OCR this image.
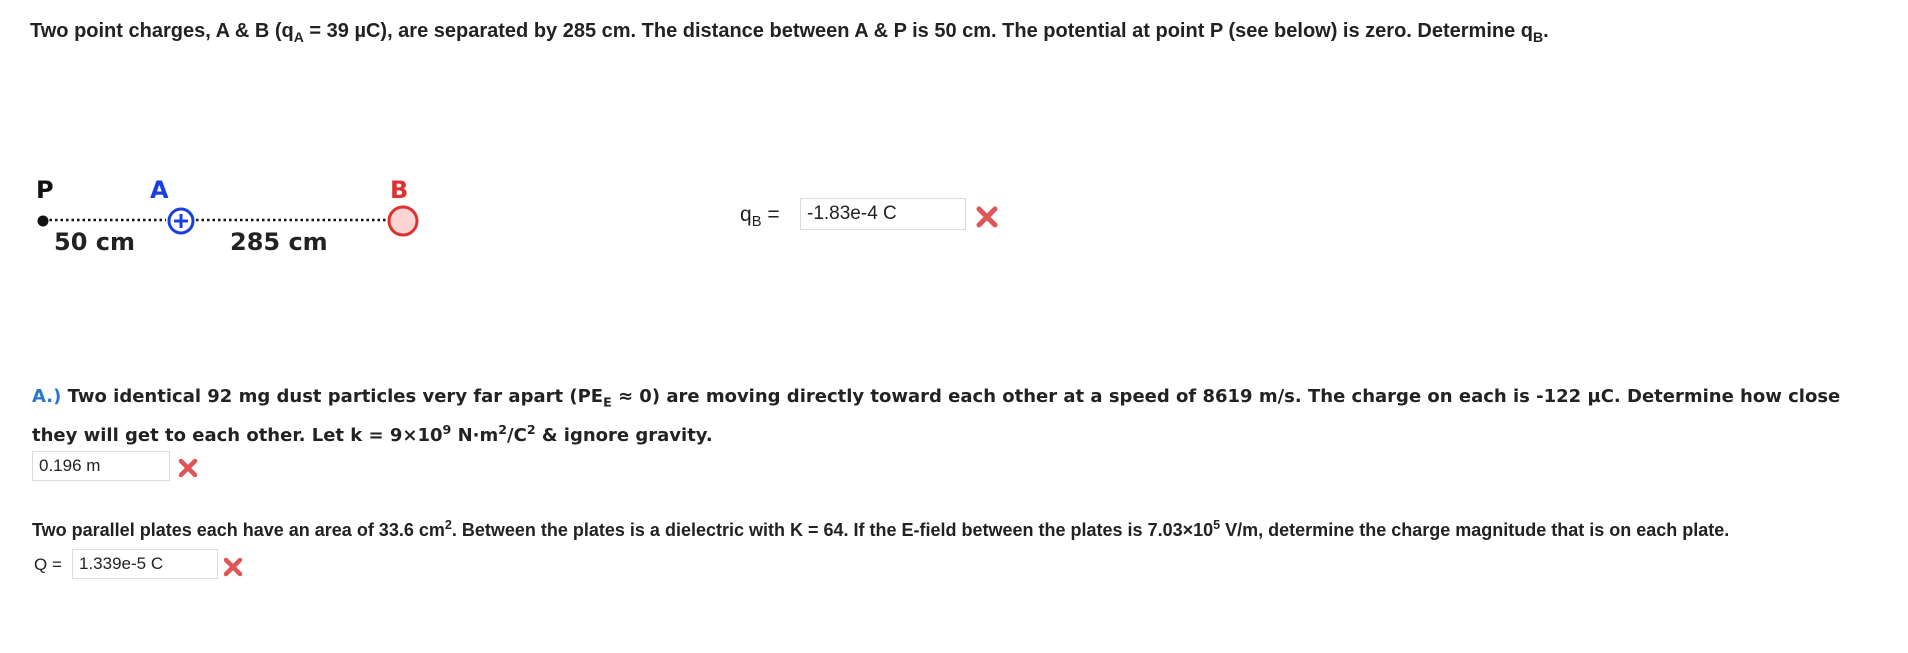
Two point charges, A & B ($q_A = 39$ µC), are separated by 285 cm. The distance between A & P is 50 cm. The potential at point P (see below) is zero. Determine $q_B$.
P	A	B
50 cm	285 cm
$q_B$ =	-1.83e-4 C
A.) Two identical 92 mg dust particles very far apart $(PE_E \approx 0)$ are moving directly toward each other at a speed of 8619 m/s. The charge on each is -122 µC. Determine how close
they will get to each other. Let $k = 9\times 10^9$ $N\cdot m^2/C^2$ & ignore gravity.
0.196 m
Two parallel plates each have an area of 33.6 $cm^2$. Between the plates is a dielectric with K = 64. If the E-field between the plates is $7.03\times 10^5$ V/m, determine the charge magnitude that is on each plate.
Q =	1.339e-5 C
